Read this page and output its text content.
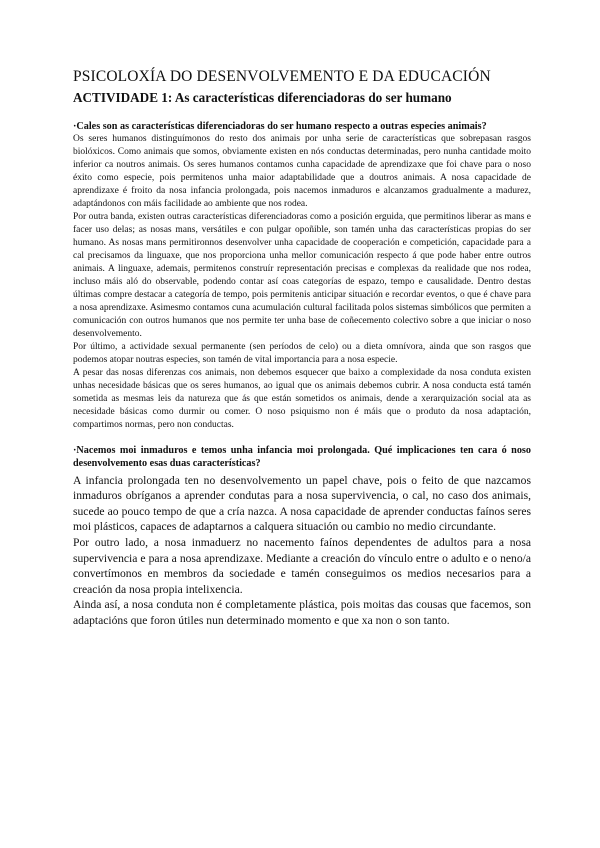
PSICOLOXÍA DO DESENVOLVEMENTO E DA EDUCACIÓN
ACTIVIDADE 1: As características diferenciadoras do ser humano

·Cales son as características diferenciadoras do ser humano respecto a outras especies animais?

Os seres humanos distinguímonos do resto dos animais por unha serie de características que sobrepasan rasgos biolóxicos. Como animais que somos, obviamente existen en nós conductas determinadas, pero nunha cantidade moito inferior ca noutros animais. Os seres humanos contamos cunha capacidade de aprendizaxe que foi chave para o noso éxito como especie, pois permitenos unha maior adaptabilidade que a doutros animais. A nosa capacidade de aprendizaxe é froito da nosa infancia prolongada, pois nacemos inmaduros e alcanzamos gradualmente a madurez, adaptándonos con máis facilidade ao ambiente que nos rodea.

Por outra banda, existen outras características diferenciadoras como a posición erguida, que permitinos liberar as mans e facer uso delas; as nosas mans, versátiles e con pulgar opoñible, son tamén unha das características propias do ser humano. As nosas mans permitironnos desenvolver unha capacidade de cooperación e competición, capacidade para a cal precisamos da linguaxe, que nos proporciona unha mellor comunicación respecto á que pode haber entre outros animais. A linguaxe, ademais, permitenos construír representación precisas e complexas da realidade que nos rodea, incluso máis aló do observable, podendo contar así coas categorías de espazo, tempo e causalidade. Dentro destas últimas compre destacar a categoría de tempo, pois permitenis anticipar situación e recordar eventos, o que é chave para a nosa aprendizaxe. Asimesmo contamos cuna acumulación cultural facilitada polos sistemas simbólicos que permiten a comunicación con outros humanos que nos permite ter unha base de coñecemento colectivo sobre a que iniciar o noso desenvolvemento.

Por último, a actividade sexual permanente (sen períodos de celo) ou a dieta omnívora, ainda que son rasgos que podemos atopar noutras especies, son tamén de vital importancia para a nosa especie.

A pesar das nosas diferenzas cos animais, non debemos esquecer que baixo a complexidade da nosa conduta existen unhas necesidade básicas que os seres humanos, ao igual que os animais debemos cubrir. A nosa conducta está tamén sometida as mesmas leis da natureza que ás que están sometidos os animais, dende a xerarquización social ata as necesidade básicas como durmir ou comer. O noso psiquismo non é máis que o produto da nosa adaptación, compartimos normas, pero non conductas.

·Nacemos moi inmaduros e temos unha infancia moi prolongada. Qué implicaciones ten cara ó noso desenvolvemento esas duas características?

A infancia prolongada ten no desenvolvemento un papel chave, pois o feito de que nazcamos inmaduros obríganos a aprender condutas para a nosa supervivencia, o cal, no caso dos animais, sucede ao pouco tempo de que a cría nazca. A nosa capacidade de aprender conductas faínos seres moi plásticos, capaces de adaptarnos a calquera situación ou cambio no medio circundante.

Por outro lado, a nosa inmaduerz no nacemento faínos dependentes de adultos para a nosa supervivencia e para a nosa aprendizaxe. Mediante a creación do vínculo entre o adulto e o neno/a convertímonos en membros da sociedade e tamén conseguimos os medios necesarios para a creación da nosa propia intelixencia.

Ainda así, a nosa conduta non é completamente plástica, pois moitas das cousas que facemos, son adaptacións que foron útiles nun determinado momento e que xa non o son tanto.
